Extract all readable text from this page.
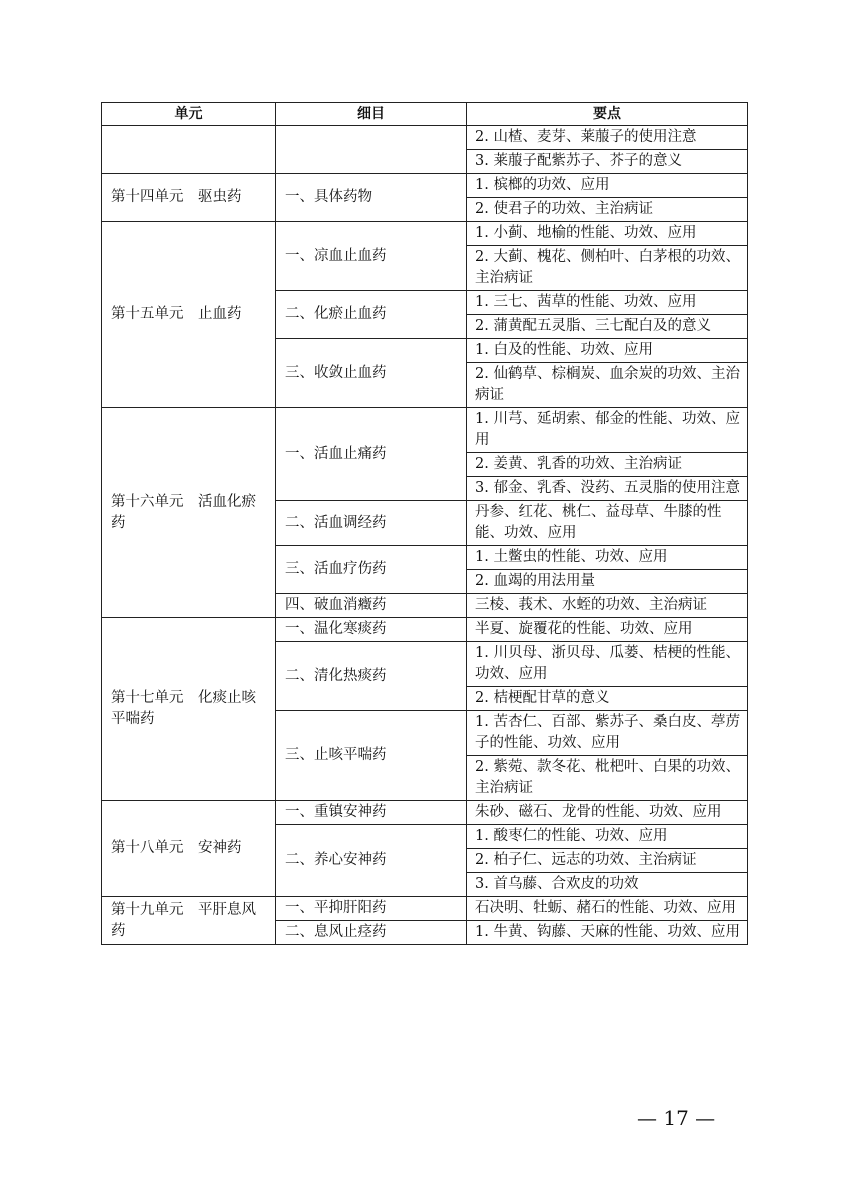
单元	细目	要点
		2. 山楂、麦芽、莱菔子的使用注意
		3. 莱菔子配紫苏子、芥子的意义
第十四单元　驱虫药	一、具体药物	1. 槟榔的功效、应用
		2. 使君子的功效、主治病证
第十五单元　止血药	一、凉血止血药	1. 小蓟、地榆的性能、功效、应用
		2. 大蓟、槐花、侧柏叶、白茅根的功效、主治病证
	二、化瘀止血药	1. 三七、茜草的性能、功效、应用
		2. 蒲黄配五灵脂、三七配白及的意义
	三、收敛止血药	1. 白及的性能、功效、应用
		2. 仙鹤草、棕榈炭、血余炭的功效、主治病证
第十六单元　活血化瘀药	一、活血止痛药	1. 川芎、延胡索、郁金的性能、功效、应用
		2. 姜黄、乳香的功效、主治病证
		3. 郁金、乳香、没药、五灵脂的使用注意
	二、活血调经药	丹参、红花、桃仁、益母草、牛膝的性能、功效、应用
	三、活血疗伤药	1. 土鳖虫的性能、功效、应用
		2. 血竭的用法用量
	四、破血消癥药	三棱、莪术、水蛭的功效、主治病证
第十七单元　化痰止咳平喘药	一、温化寒痰药	半夏、旋覆花的性能、功效、应用
	二、清化热痰药	1. 川贝母、浙贝母、瓜蒌、桔梗的性能、功效、应用
		2. 桔梗配甘草的意义
	三、止咳平喘药	1. 苦杏仁、百部、紫苏子、桑白皮、葶苈子的性能、功效、应用
		2. 紫菀、款冬花、枇杷叶、白果的功效、主治病证
第十八单元　安神药	一、重镇安神药	朱砂、磁石、龙骨的性能、功效、应用
	二、养心安神药	1. 酸枣仁的性能、功效、应用
		2. 柏子仁、远志的功效、主治病证
		3. 首乌藤、合欢皮的功效
第十九单元　平肝息风药	一、平抑肝阳药	石决明、牡蛎、赭石的性能、功效、应用
	二、息风止痉药	1. 牛黄、钩藤、天麻的性能、功效、应用
— 17 —
